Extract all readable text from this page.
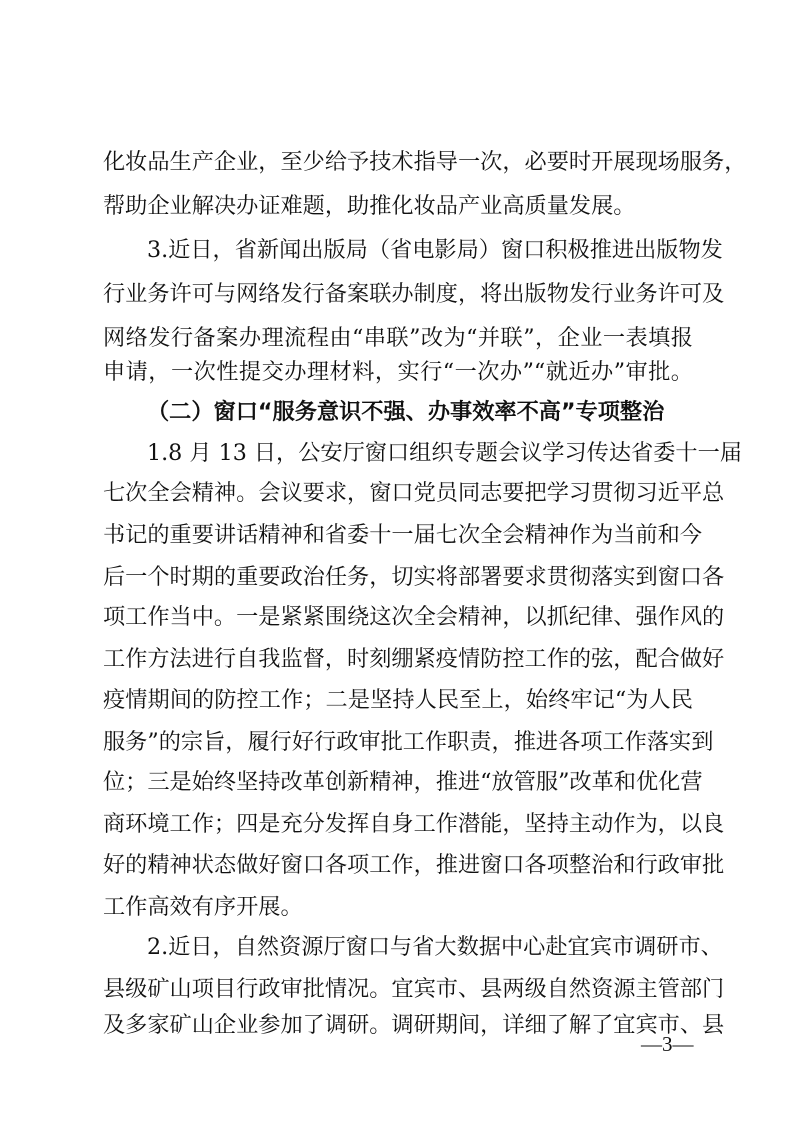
化妆品生产企业，至少给予技术指导一次，必要时开展现场服务，
帮助企业解决办证难题，助推化妆品产业高质量发展。
3.近日，省新闻出版局（省电影局）窗口积极推进出版物发
行业务许可与网络发行备案联办制度，将出版物发行业务许可及
网络发行备案办理流程由“串联”改为“并联”，企业一表填报
申请，一次性提交办理材料，实行“一次办”“就近办”审批。
（二）窗口“服务意识不强、办事效率不高”专项整治
1.8 月 13 日，公安厅窗口组织专题会议学习传达省委十一届
七次全会精神。会议要求，窗口党员同志要把学习贯彻习近平总
书记的重要讲话精神和省委十一届七次全会精神作为当前和今
后一个时期的重要政治任务，切实将部署要求贯彻落实到窗口各
项工作当中。一是紧紧围绕这次全会精神，以抓纪律、强作风的
工作方法进行自我监督，时刻绷紧疫情防控工作的弦，配合做好
疫情期间的防控工作；二是坚持人民至上，始终牢记“为人民
服务”的宗旨，履行好行政审批工作职责，推进各项工作落实到
位；三是始终坚持改革创新精神，推进“放管服”改革和优化营
商环境工作；四是充分发挥自身工作潜能，坚持主动作为，以良
好的精神状态做好窗口各项工作，推进窗口各项整治和行政审批
工作高效有序开展。
2.近日，自然资源厅窗口与省大数据中心赴宜宾市调研市、
县级矿山项目行政审批情况。宜宾市、县两级自然资源主管部门
及多家矿山企业参加了调研。调研期间，详细了解了宜宾市、县
—3—
